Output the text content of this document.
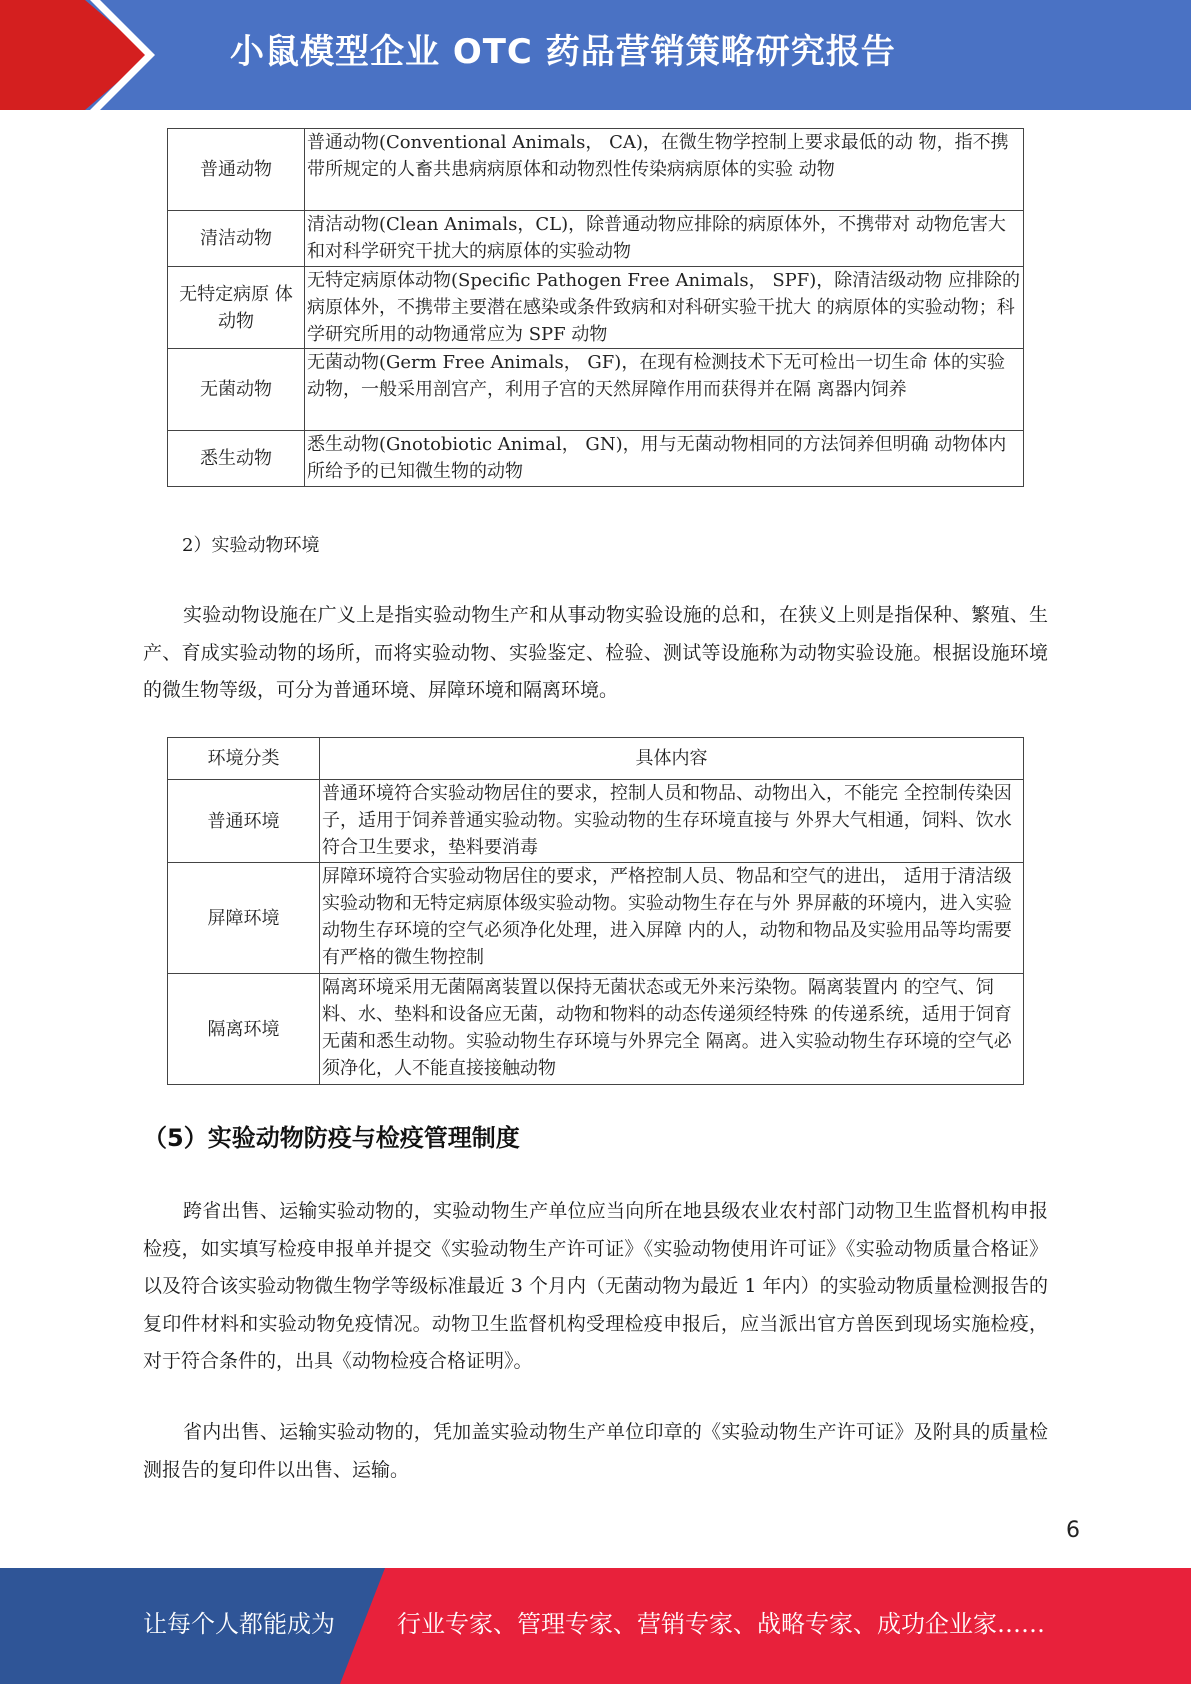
小鼠模型企业 OTC 药品营销策略研究报告
普通动物	普通动物(Conventional Animals， CA)，在微生物学控制上要求最低的动 物，指不携带所规定的人畜共患病病原体和动物烈性传染病病原体的实验 动物
清洁动物	清洁动物(Clean Animals，CL)，除普通动物应排除的病原体外，不携带对 动物危害大和对科学研究干扰大的病原体的实验动物
无特定病原 体动物	无特定病原体动物(Specific Pathogen Free Animals， SPF)，除清洁级动物 应排除的病原体外，不携带主要潜在感染或条件致病和对科研实验干扰大 的病原体的实验动物；科学研究所用的动物通常应为 SPF 动物
无菌动物	无菌动物(Germ Free Animals， GF)，在现有检测技术下无可检出一切生命 体的实验动物，一般采用剖宫产，利用子宫的天然屏障作用而获得并在隔 离器内饲养
悉生动物	悉生动物(Gnotobiotic Animal， GN)，用与无菌动物相同的方法饲养但明确 动物体内所给予的已知微生物的动物
2）实验动物环境
实验动物设施在广义上是指实验动物生产和从事动物实验设施的总和，在狭义上则是指保种、繁殖、生产、育成实验动物的场所，而将实验动物、实验鉴定、检验、测试等设施称为动物实验设施。根据设施环境的微生物等级，可分为普通环境、屏障环境和隔离环境。
环境分类	具体内容
普通环境	普通环境符合实验动物居住的要求，控制人员和物品、动物出入，不能完 全控制传染因子，适用于饲养普通实验动物。实验动物的生存环境直接与 外界大气相通，饲料、饮水符合卫生要求，垫料要消毒
屏障环境	屏障环境符合实验动物居住的要求，严格控制人员、物品和空气的进出， 适用于清洁级实验动物和无特定病原体级实验动物。实验动物生存在与外 界屏蔽的环境内，进入实验动物生存环境的空气必须净化处理，进入屏障 内的人，动物和物品及实验用品等均需要有严格的微生物控制
隔离环境	隔离环境采用无菌隔离装置以保持无菌状态或无外来污染物。隔离装置内 的空气、饲料、水、垫料和设备应无菌，动物和物料的动态传递须经特殊 的传递系统，适用于饲育无菌和悉生动物。实验动物生存环境与外界完全 隔离。进入实验动物生存环境的空气必须净化，人不能直接接触动物
（5）实验动物防疫与检疫管理制度
跨省出售、运输实验动物的，实验动物生产单位应当向所在地县级农业农村部门动物卫生监督机构申报检疫，如实填写检疫申报单并提交《实验动物生产许可证》《实验动物使用许可证》《实验动物质量合格证》以及符合该实验动物微生物学等级标准最近 3 个月内（无菌动物为最近 1 年内）的实验动物质量检测报告的复印件材料和实验动物免疫情况。动物卫生监督机构受理检疫申报后，应当派出官方兽医到现场实施检疫，对于符合条件的，出具《动物检疫合格证明》。
省内出售、运输实验动物的，凭加盖实验动物生产单位印章的《实验动物生产许可证》及附具的质量检测报告的复印件以出售、运输。
6
让每个人都能成为	行业专家、管理专家、营销专家、战略专家、成功企业家……
